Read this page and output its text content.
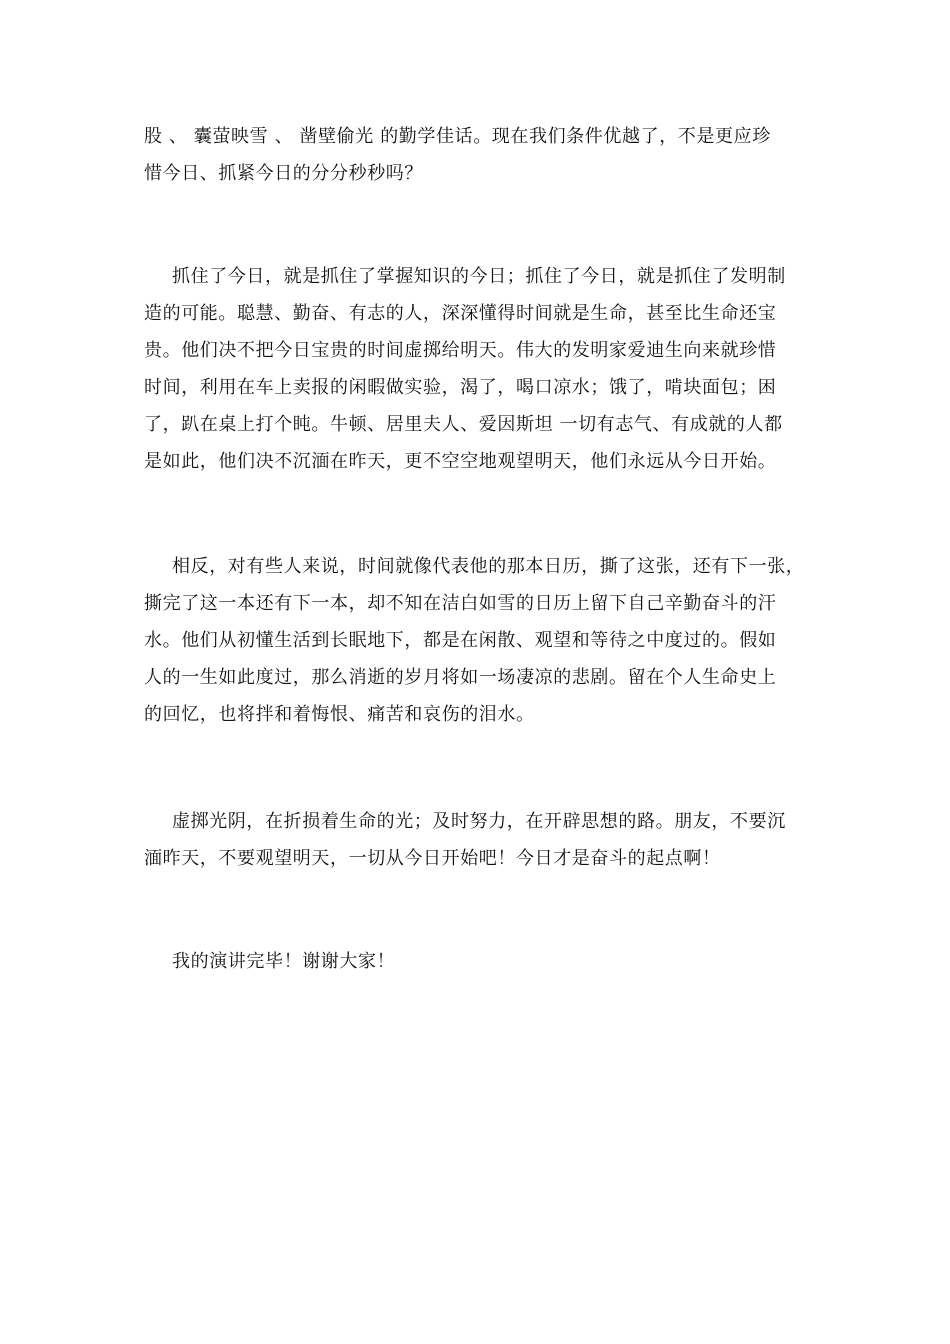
股 、 囊萤映雪 、 凿壁偷光 的勤学佳话。现在我们条件优越了，不是更应珍
惜今日、抓紧今日的分分秒秒吗？
抓住了今日，就是抓住了掌握知识的今日；抓住了今日，就是抓住了发明制
造的可能。聪慧、勤奋、有志的人，深深懂得时间就是生命，甚至比生命还宝
贵。他们决不把今日宝贵的时间虚掷给明天。伟大的发明家爱迪生向来就珍惜
时间，利用在车上卖报的闲暇做实验，渴了，喝口凉水；饿了，啃块面包；困
了，趴在桌上打个盹。牛顿、居里夫人、爱因斯坦 一切有志气、有成就的人都
是如此，他们决不沉湎在昨天，更不空空地观望明天，他们永远从今日开始。
相反，对有些人来说，时间就像代表他的那本日历，撕了这张，还有下一张，
撕完了这一本还有下一本，却不知在洁白如雪的日历上留下自己辛勤奋斗的汗
水。他们从初懂生活到长眠地下，都是在闲散、观望和等待之中度过的。假如
人的一生如此度过，那么消逝的岁月将如一场凄凉的悲剧。留在个人生命史上
的回忆，也将拌和着悔恨、痛苦和哀伤的泪水。
虚掷光阴，在折损着生命的光；及时努力，在开辟思想的路。朋友，不要沉
湎昨天，不要观望明天，一切从今日开始吧！今日才是奋斗的起点啊！
我的演讲完毕！谢谢大家！
